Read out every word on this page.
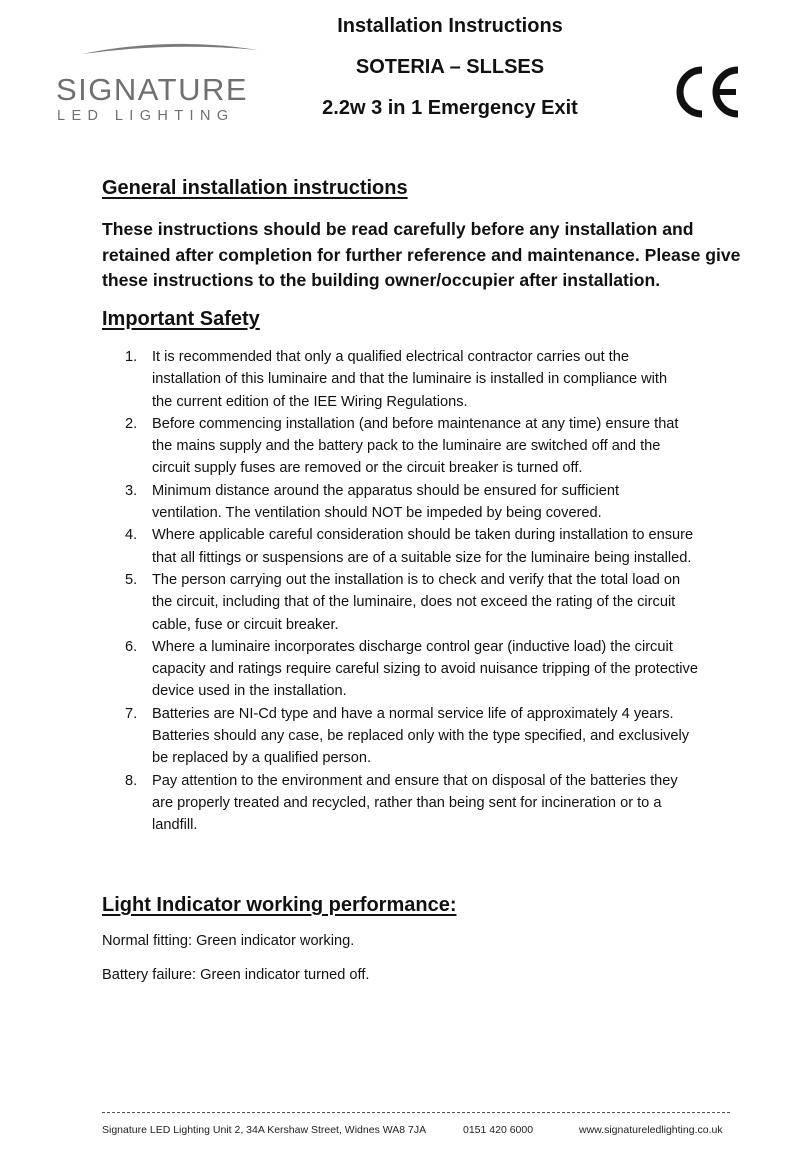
SIGNATURE
LED LIGHTING
Installation Instructions
SOTERIA – SLLSES
2.2w 3 in 1 Emergency Exit
General installation instructions
These instructions should be read carefully before any installation and
retained after completion for further reference and maintenance. Please give
these instructions to the building owner/occupier after installation.
Important Safety
1. It is recommended that only a qualified electrical contractor carries out the
installation of this luminaire and that the luminaire is installed in compliance with
the current edition of the IEE Wiring Regulations.
2. Before commencing installation (and before maintenance at any time) ensure that
the mains supply and the battery pack to the luminaire are switched off and the
circuit supply fuses are removed or the circuit breaker is turned off.
3. Minimum distance around the apparatus should be ensured for sufficient
ventilation. The ventilation should NOT be impeded by being covered.
4. Where applicable careful consideration should be taken during installation to ensure
that all fittings or suspensions are of a suitable size for the luminaire being installed.
5. The person carrying out the installation is to check and verify that the total load on
the circuit, including that of the luminaire, does not exceed the rating of the circuit
cable, fuse or circuit breaker.
6. Where a luminaire incorporates discharge control gear (inductive load) the circuit
capacity and ratings require careful sizing to avoid nuisance tripping of the protective
device used in the installation.
7. Batteries are NI-Cd type and have a normal service life of approximately 4 years.
Batteries should any case, be replaced only with the type specified, and exclusively
be replaced by a qualified person.
8. Pay attention to the environment and ensure that on disposal of the batteries they
are properly treated and recycled, rather than being sent for incineration or to a
landfill.
Light Indicator working performance:
Normal fitting: Green indicator working.
Battery failure: Green indicator turned off.
Signature LED Lighting Unit 2, 34A Kershaw Street, Widnes WA8 7JA	0151 420 6000	www.signatureledlighting.co.uk
